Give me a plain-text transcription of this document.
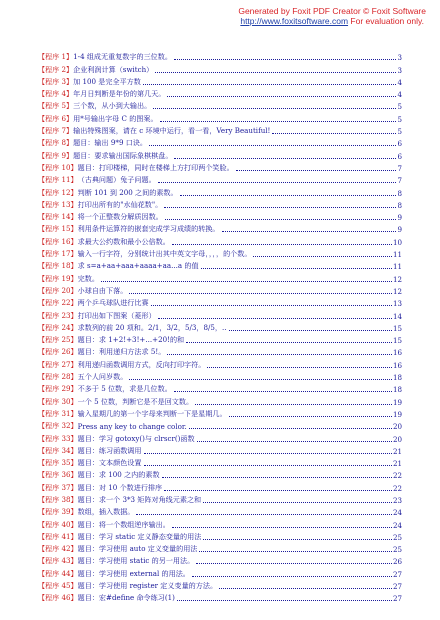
Generated by Foxit PDF Creator © Foxit Software
http://www.foxitsoftware.com For evaluation only.
【程序 1】 1-4 组成无重复数字的三位数。	3
【程序 2】 企业利润计算（switch）	3
【程序 3】 加 100 是完全平方数	4
【程序 4】 年月日判断是年份的第几天。	4
【程序 5】 三个数，从小到大输出。	5
【程序 6】 用*号输出字母 C 的图案。	5
【程序 7】 输出特殊图案，请在 c 环境中运行，看一看，Very Beautiful!	5
【程序 8】 题目：输出 9*9 口诀。	6
【程序 9】 题目：要求输出国际象棋棋盘。	6
【程序 10】 题目：打印楼梯，同时在楼梯上方打印两个笑脸。	7
【程序 11】 （古典问题）兔子问题。	7
【程序 12】 判断 101 到 200 之间的素数。	8
【程序 13】 打印出所有的"水仙花数"。	8
【程序 14】 将一个正整数分解质因数。	9
【程序 15】 利用条件运算符的嵌套完成学习成绩的转换。	9
【程序 16】 求最大公约数和最小公倍数。	10
【程序 17】 输入一行字符，分别统计出其中英文字母，，，，的个数。	11
【程序 18】 求 s=a+aa+aaa+aaaa+aa...a 的值	11
【程序 19】 完数。	12
【程序 20】 小球自由下落。	12
【程序 22】 两个乒乓球队进行比赛	13
【程序 23】 打印出如下图案（菱形）	14
【程序 24】 求数列的前 20 项和。2/1，3/2，5/3，8/5，..	15
【程序 25】 题目：求 1+2!+3!+...+20!的和	15
【程序 26】 题目：利用递归方法求 5!。	16
【程序 27】 利用递归函数调用方式，反向打印字符。	16
【程序 28】 五个人问岁数。	18
【程序 29】 不多于 5 位数，求是几位数。	18
【程序 30】 一个 5 位数，判断它是不是回文数。	19
【程序 31】 输入星期几的第一个字母来判断一下是星期几。	19
【程序 32】 Press any key to change color.	20
【程序 33】 题目：学习 gotoxy()与 clrscr()函数	20
【程序 34】 题目：练习函数调用	21
【程序 35】 题目：文本颜色设置	21
【程序 36】 题目：求 100 之内的素数	22
【程序 37】 题目：对 10 个数进行排序	22
【程序 38】 题目：求一个 3*3 矩阵对角线元素之和	23
【程序 39】 数组，插入数据。	24
【程序 40】 题目：将一个数组逆序输出。	24
【程序 41】 题目：学习 static 定义静态变量的用法	25
【程序 42】 题目：学习使用 auto 定义变量的用法	25
【程序 43】 题目：学习使用 static 的另一用法。	26
【程序 44】 题目：学习使用 external 的用法。	27
【程序 45】 题目：学习使用 register 定义变量的方法。	27
【程序 46】 题目：宏#define 命令练习(1)	27
